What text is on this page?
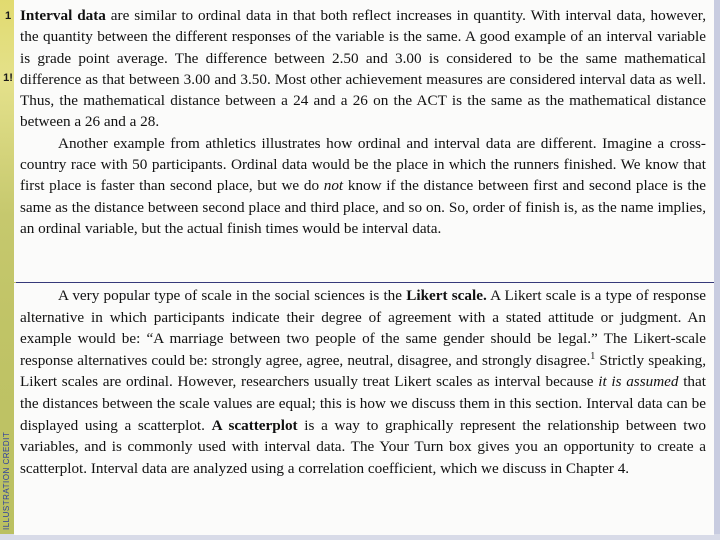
1
1!
ILLUSTRATION CREDIT

Interval data are similar to ordinal data in that both reflect increases in quantity. With interval data, however, the quantity between the different responses of the variable is the same. A good example of an interval variable is grade point average. The difference between 2.50 and 3.00 is considered to be the same mathematical difference as that between 3.00 and 3.50. Most other achievement measures are considered interval data as well. Thus, the mathematical distance between a 24 and a 26 on the ACT is the same as the mathematical distance between a 26 and a 28.

Another example from athletics illustrates how ordinal and interval data are different. Imagine a cross-country race with 50 participants. Ordinal data would be the place in which the runners finished. We know that first place is faster than second place, but we do not know if the distance between first and second place is the same as the distance between second place and third place, and so on. So, order of finish is, as the name implies, an ordinal variable, but the actual finish times would be interval data.

A very popular type of scale in the social sciences is the Likert scale. A Likert scale is a type of response alternative in which participants indicate their degree of agreement with a stated attitude or judgment. An example would be: “A marriage between two people of the same gender should be legal.” The Likert-scale response alternatives could be: strongly agree, agree, neutral, disagree, and strongly disagree.$^1$ Strictly speaking, Likert scales are ordinal. However, researchers usually treat Likert scales as interval because it is assumed that the distances between the scale values are equal; this is how we discuss them in this section. Interval data can be displayed using a scatterplot. A scatterplot is a way to graphically represent the relationship between two variables, and is commonly used with interval data. The Your Turn box gives you an opportunity to create a scatterplot. Interval data are analyzed using a correlation coefficient, which we discuss in Chapter 4.
